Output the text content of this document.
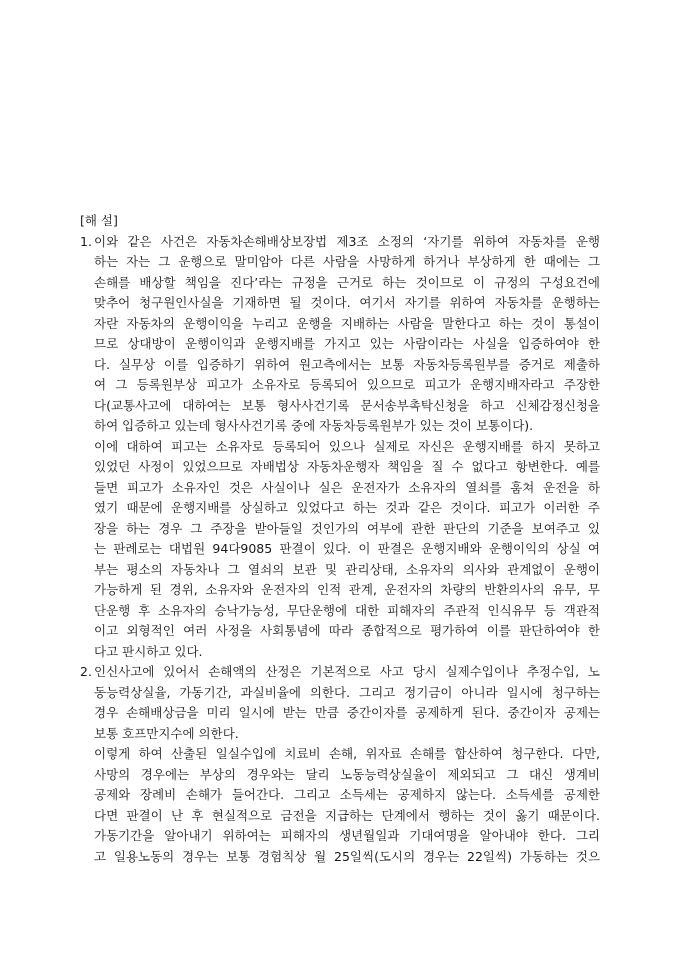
[해 설]
1. 이와 같은 사건은 자동차손해배상보장법 제3조 소정의 ‘자기를 위하여 자동차를 운행
하는 자는 그 운행으로 말미암아 다른 사람을 사망하게 하거나 부상하게 한 때에는 그
손해를 배상할 책임을 진다’라는 규정을 근거로 하는 것이므로 이 규정의 구성요건에
맞추어 청구원인사실을 기재하면 될 것이다. 여기서 자기를 위하여 자동차를 운행하는
자란 자동차의 운행이익을 누리고 운행을 지배하는 사람을 말한다고 하는 것이 통설이
므로 상대방이 운행이익과 운행지배를 가지고 있는 사람이라는 사실을 입증하여야 한
다. 실무상 이를 입증하기 위하여 원고측에서는 보통 자동차등록원부를 증거로 제출하
여 그 등록원부상 피고가 소유자로 등록되어 있으므로 피고가 운행지배자라고 주장한
다(교통사고에 대하여는 보통 형사사건기록 문서송부촉탁신청을 하고 신체감정신청을
하여 입증하고 있는데 형사사건기록 중에 자동차등록원부가 있는 것이 보통이다).
이에 대하여 피고는 소유자로 등록되어 있으나 실제로 자신은 운행지배를 하지 못하고
있었던 사정이 있었으므로 자배법상 자동차운행자 책임을 질 수 없다고 항변한다. 예를
들면 피고가 소유자인 것은 사실이나 실은 운전자가 소유자의 열쇠를 훔쳐 운전을 하
였기 때문에 운행지배를 상실하고 있었다고 하는 것과 같은 것이다. 피고가 이러한 주
장을 하는 경우 그 주장을 받아들일 것인가의 여부에 관한 판단의 기준을 보여주고 있
는 판례로는 대법원 94다9085 판결이 있다. 이 판결은 운행지배와 운행이익의 상실 여
부는 평소의 자동차나 그 열쇠의 보관 및 관리상태, 소유자의 의사와 관계없이 운행이
가능하게 된 경위, 소유자와 운전자의 인적 관계, 운전자의 차량의 반환의사의 유무, 무
단운행 후 소유자의 승낙가능성, 무단운행에 대한 피해자의 주관적 인식유무 등 객관적
이고 외형적인 여러 사정을 사회통념에 따라 종합적으로 평가하여 이를 판단하여야 한
다고 판시하고 있다.
2. 인신사고에 있어서 손해액의 산정은 기본적으로 사고 당시 실제수입이나 추정수입, 노
동능력상실율, 가동기간, 과실비율에 의한다. 그리고 정기금이 아니라 일시에 청구하는
경우 손해배상금을 미리 일시에 받는 만큼 중간이자를 공제하게 된다. 중간이자 공제는
보통 호프만지수에 의한다.
이렇게 하여 산출된 일실수입에 치료비 손해, 위자료 손해를 합산하여 청구한다. 다만,
사망의 경우에는 부상의 경우와는 달리 노동능력상실율이 제외되고 그 대신 생계비
공제와 장례비 손해가 들어간다. 그리고 소득세는 공제하지 않는다. 소득세를 공제한
다면 판결이 난 후 현실적으로 금전을 지급하는 단계에서 행하는 것이 옳기 때문이다.
가동기간을 알아내기 위하여는 피해자의 생년월일과 기대여명을 알아내야 한다. 그리
고 일용노동의 경우는 보통 경험칙상 월 25일씩(도시의 경우는 22일씩) 가동하는 것으
